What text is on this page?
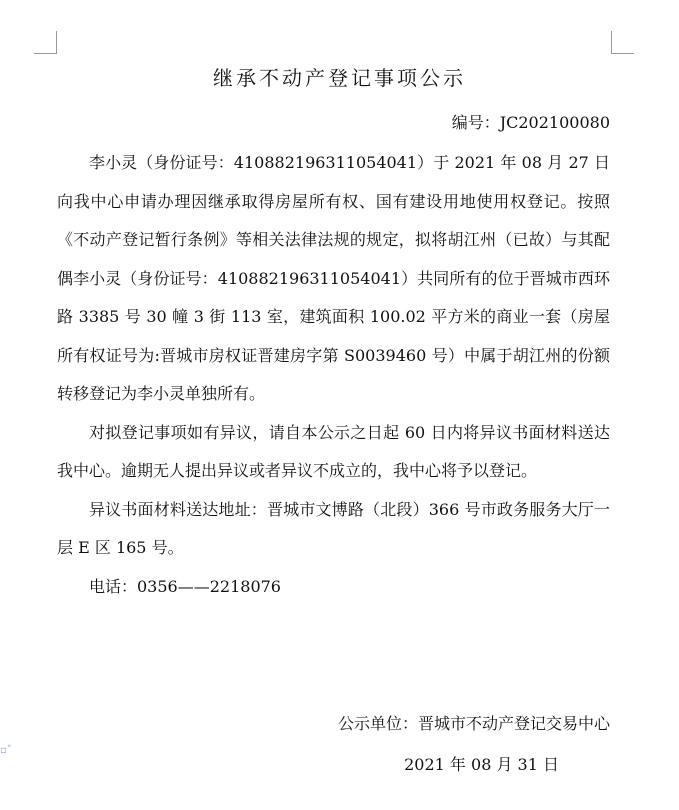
继承不动产登记事项公示
编号：JC202100080

李小灵（身份证号：410882196311054041）于 2021 年 08 月 27 日向我中心申请办理因继承取得房屋所有权、国有建设用地使用权登记。按照《不动产登记暂行条例》等相关法律法规的规定，拟将胡江州（已故）与其配偶李小灵（身份证号：410882196311054041）共同所有的位于晋城市西环路 3385 号 30 幢 3 街 113 室，建筑面积 100.02 平方米的商业一套（房屋所有权证号为:晋城市房权证晋建房字第 S0039460 号）中属于胡江州的份额转移登记为李小灵单独所有。

对拟登记事项如有异议，请自本公示之日起 60 日内将异议书面材料送达我中心。逾期无人提出异议或者异议不成立的，我中心将予以登记。

异议书面材料送达地址：晋城市文博路（北段）366 号市政务服务大厅一层 E 区 165 号。

电话：0356——2218076

公示单位：晋城市不动产登记交易中心
2021 年 08 月 31 日
▫˅
